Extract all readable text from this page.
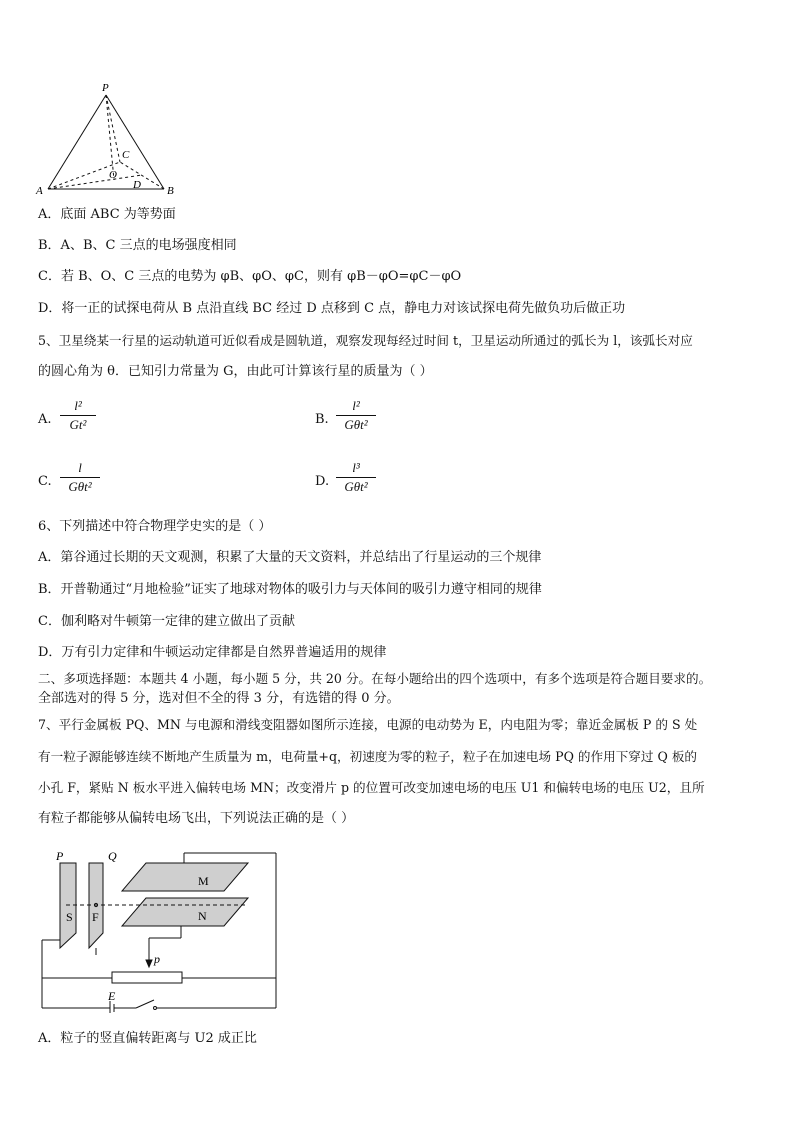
P
A	B
C
O
D
A．底面 ABC 为等势面
B．A、B、C 三点的电场强度相同
C．若 B、O、C 三点的电势为 φB、φO、φC，则有 φB－φO=φC－φO
D．将一正的试探电荷从 B 点沿直线 BC 经过 D 点移到 C 点，静电力对该试探电荷先做负功后做正功
5、卫星绕某一行星的运动轨道可近似看成是圆轨道，观察发现每经过时间 t，卫星运动所通过的弧长为 l，该弧长对应
的圆心角为 θ．已知引力常量为 G，由此可计算该行星的质量为（ ）
A.
l²
Gt²	B.
l²
Gθt²
C.
l
Gθt²	D.
l³
Gθt²
6、下列描述中符合物理学史实的是（ ）
A．第谷通过长期的天文观测，积累了大量的天文资料，并总结出了行星运动的三个规律
B．开普勒通过“月地检验”证实了地球对物体的吸引力与天体间的吸引力遵守相同的规律
C．伽利略对牛顿第一定律的建立做出了贡献
D．万有引力定律和牛顿运动定律都是自然界普遍适用的规律
二、多项选择题：本题共 4 小题，每小题 5 分，共 20 分。在每小题给出的四个选项中，有多个选项是符合题目要求的。
全部选对的得 5 分，选对但不全的得 3 分，有选错的得 0 分。
7、平行金属板 PQ、MN 与电源和滑线变阻器如图所示连接，电源的电动势为 E，内电阻为零；靠近金属板 P 的 S 处
有一粒子源能够连续不断地产生质量为 m，电荷量+q，初速度为零的粒子，粒子在加速电场 PQ 的作用下穿过 Q 板的
小孔 F，紧贴 N 板水平进入偏转电场 MN；改变滑片 p 的位置可改变加速电场的电压 U1 和偏转电场的电压 U2，且所
有粒子都能够从偏转电场飞出，下列说法正确的是（ ）
P	Q
M
N
S F
p
E
A．粒子的竖直偏转距离与 U2 成正比
